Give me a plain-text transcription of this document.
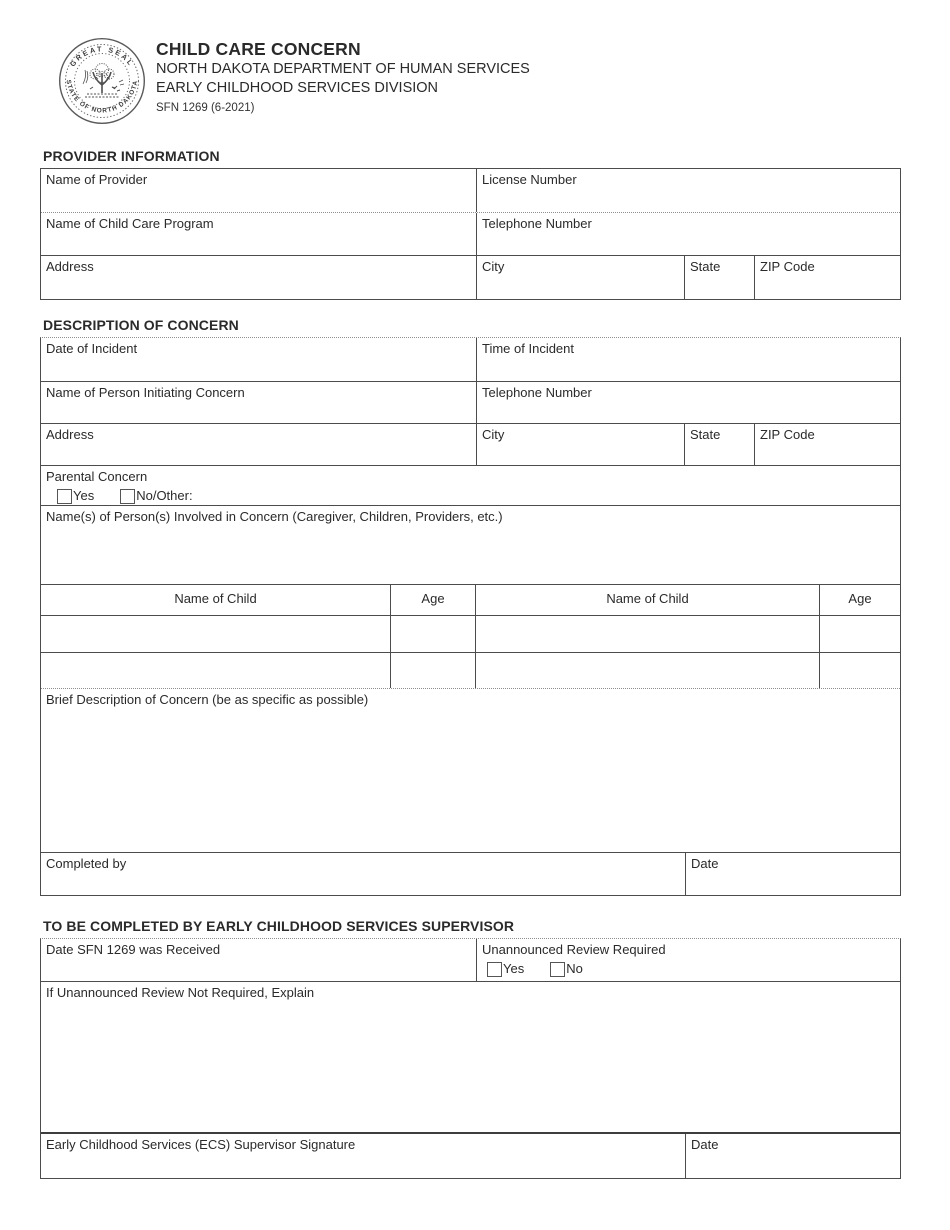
GREAT SEAL
STATE OF NORTH DAKOTA
CHILD CARE CONCERN
NORTH DAKOTA DEPARTMENT OF HUMAN SERVICES
EARLY CHILDHOOD SERVICES DIVISION
SFN 1269 (6-2021)
PROVIDER INFORMATION
Name of Provider	License Number
Name of Child Care Program	Telephone Number
Address	City	State	ZIP Code
DESCRIPTION OF CONCERN
Date of Incident	Time of Incident
Name of Person Initiating Concern	Telephone Number
Address	City	State	ZIP Code
Parental Concern
Yes	No/Other:
Name(s) of Person(s) Involved in Concern (Caregiver, Children, Providers, etc.)
Name of Child	Age	Name of Child	Age
Brief Description of Concern (be as specific as possible)
Completed by	Date
TO BE COMPLETED BY EARLY CHILDHOOD SERVICES SUPERVISOR
Date SFN 1269 was Received	Unannounced Review Required
Yes	No
If Unannounced Review Not Required, Explain
Early Childhood Services (ECS) Supervisor Signature	Date
